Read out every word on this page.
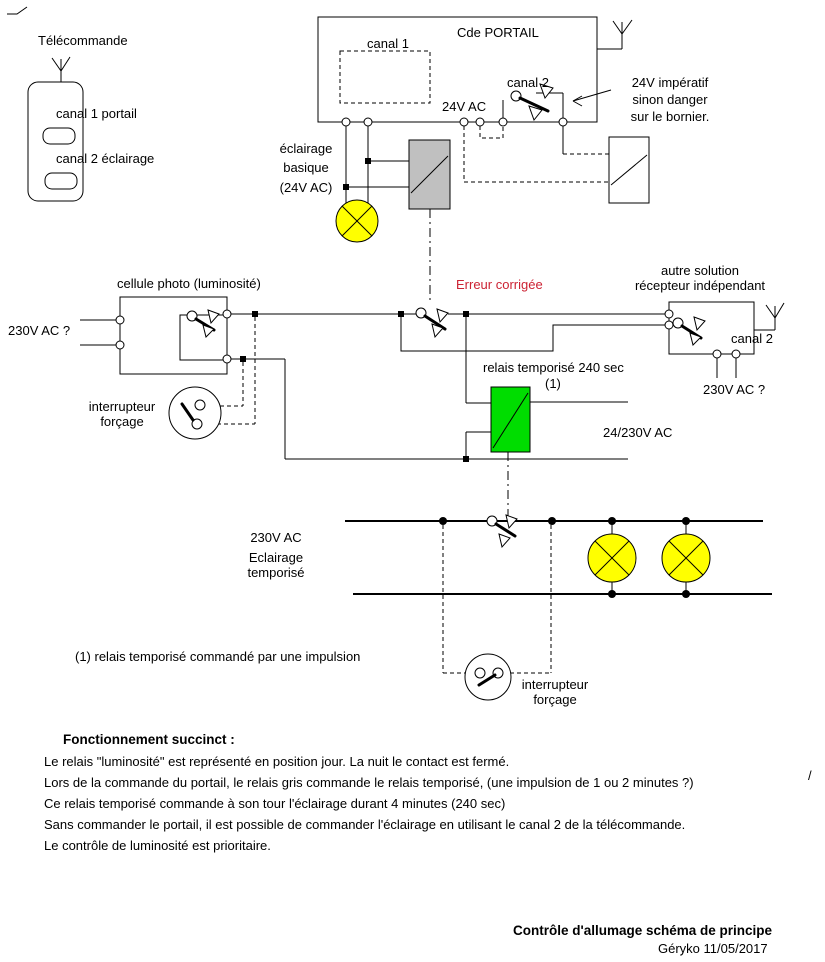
Télécommande
canal 1 portail
canal 2 éclairage
Cde PORTAIL
canal 1
canal 2
24V AC
24V impératif
sinon danger
sur le bornier.
éclairage
basique
(24V AC)
cellule photo (luminosité)
230V AC ?
interrupteur
forçage
Erreur corrigée
autre solution
récepteur indépendant
canal 2
230V AC ?
relais temporisé 240 sec
(1)
24/230V AC
230V AC
Eclairage temporisé
(1) relais temporisé commandé par une impulsion
interrupteur
forçage
Fonctionnement succinct :
Le relais "luminosité" est représenté en position jour. La nuit le contact est fermé.
Lors de la commande du portail, le relais gris commande le relais temporisé, (une impulsion de 1 ou 2 minutes ?)
Ce relais temporisé commande à son tour l'éclairage durant 4 minutes (240 sec)
Sans commander le portail, il est possible de commander l'éclairage en utilisant le canal 2 de la télécommande.
Le contrôle de luminosité est prioritaire.
/
Contrôle d'allumage schéma de principe
Géryko 11/05/2017
